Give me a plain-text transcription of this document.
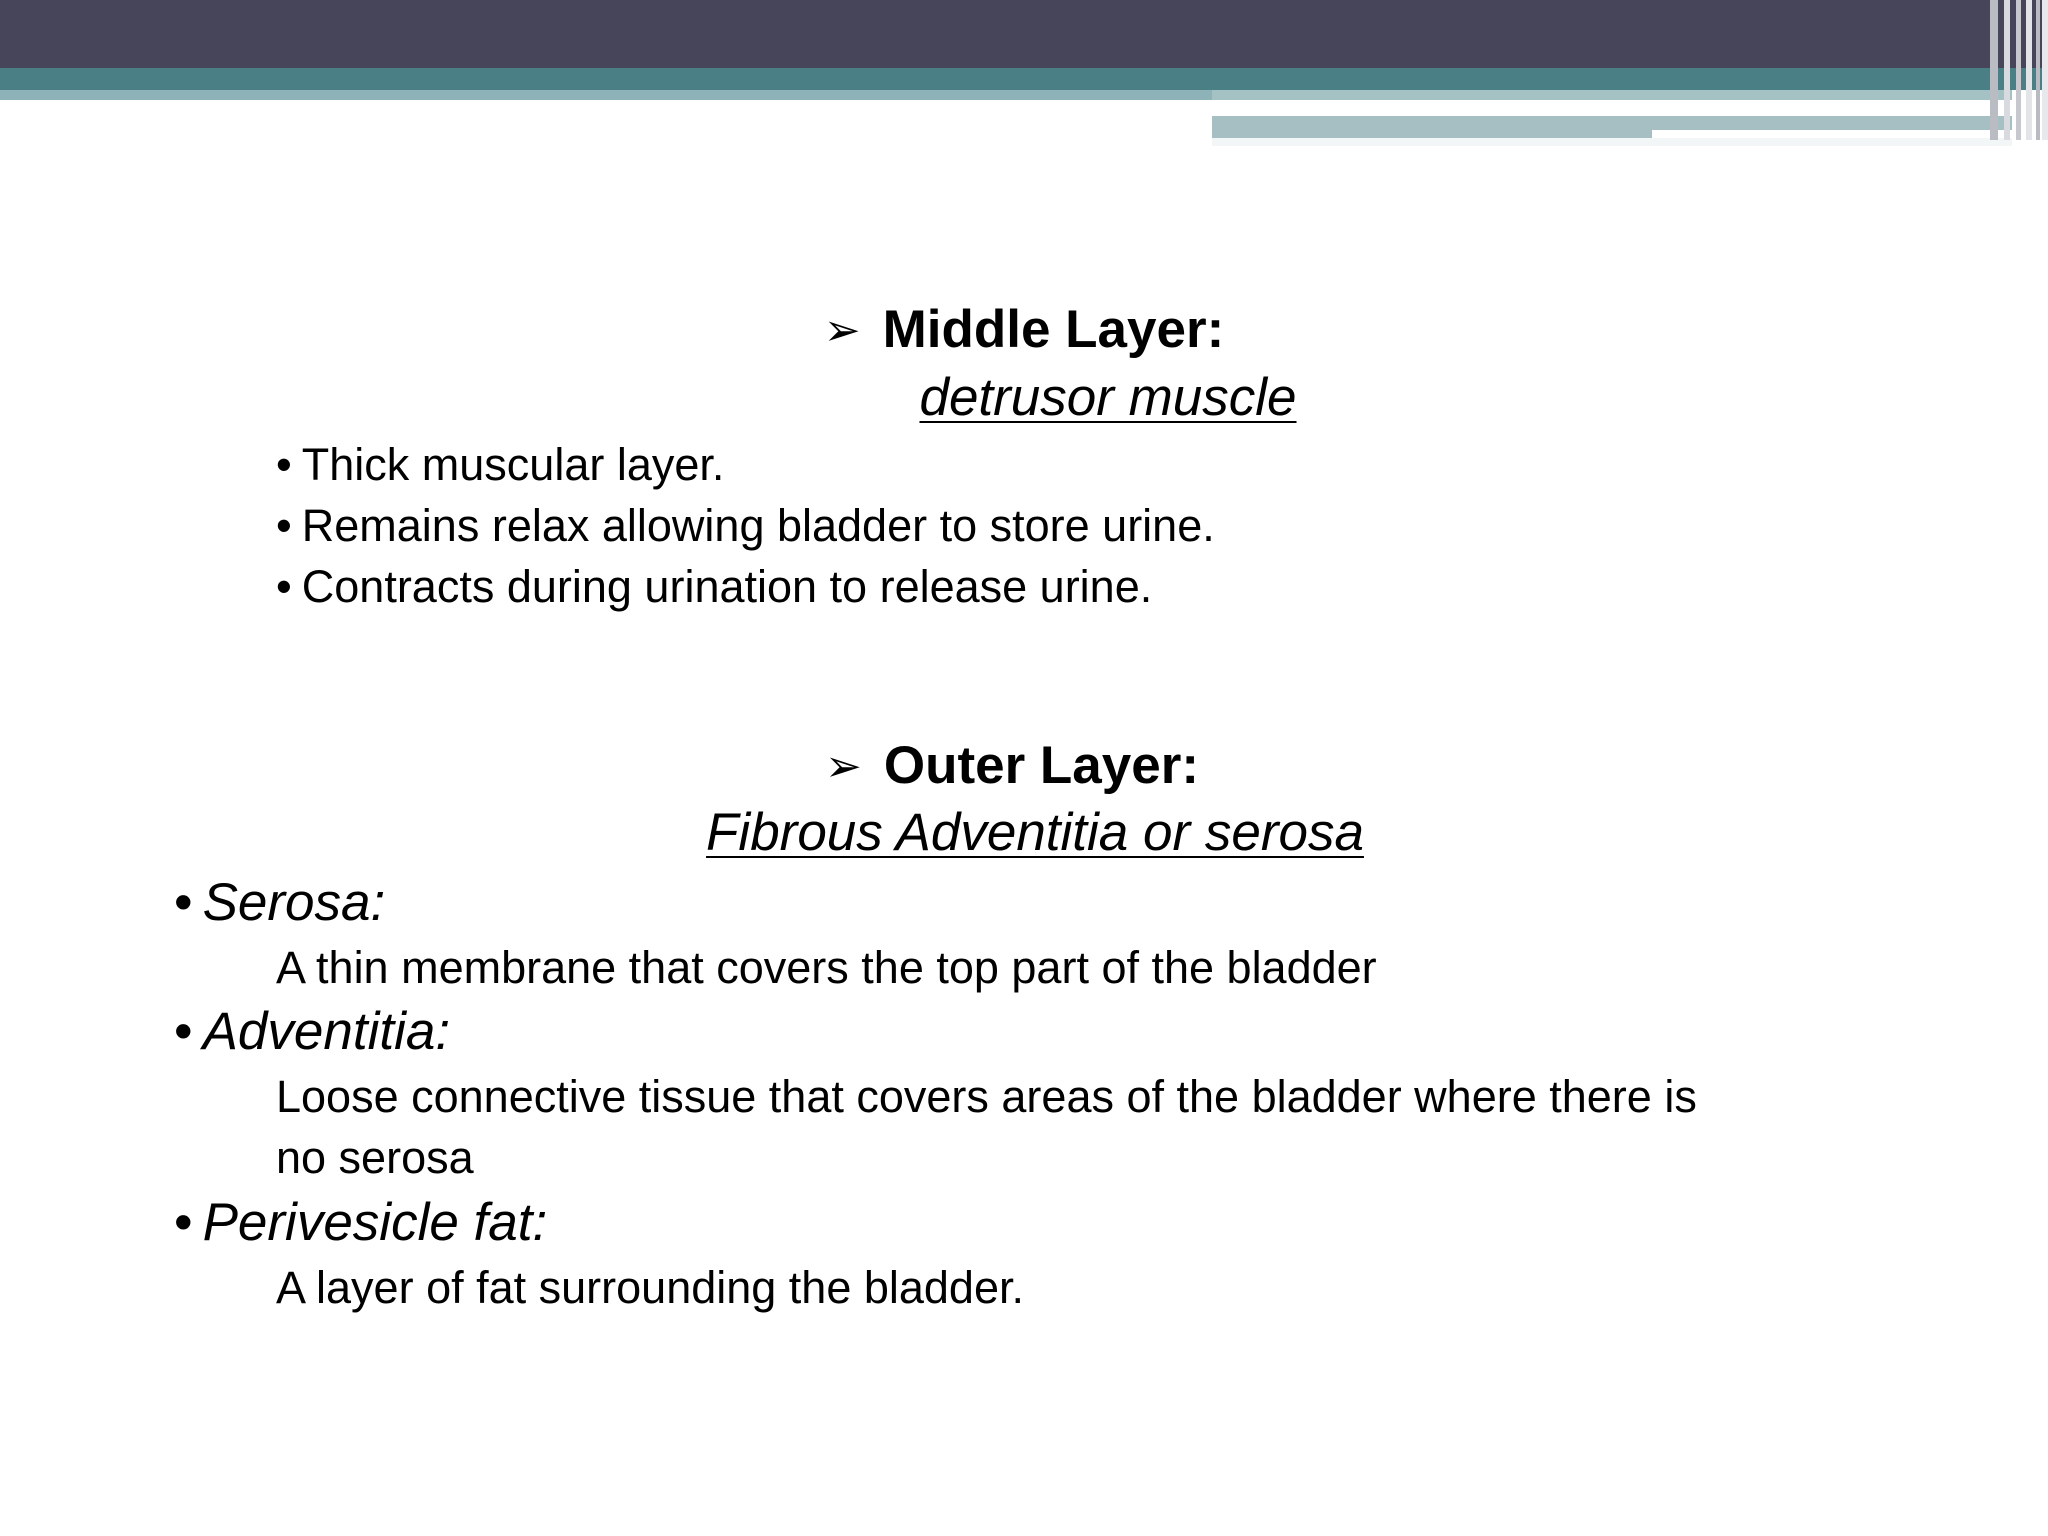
➢ Middle Layer:
detrusor muscle

• Thick muscular layer.

• Remains relax allowing bladder to store urine.

• Contracts during urination to release urine.

➢ Outer Layer:
Fibrous Adventitia or serosa

• Serosa:

A thin membrane that covers the top part of the bladder

• Adventitia:

Loose connective tissue that covers areas of the bladder where there is

no serosa

• Perivesicle fat:

A layer of fat surrounding the bladder.
